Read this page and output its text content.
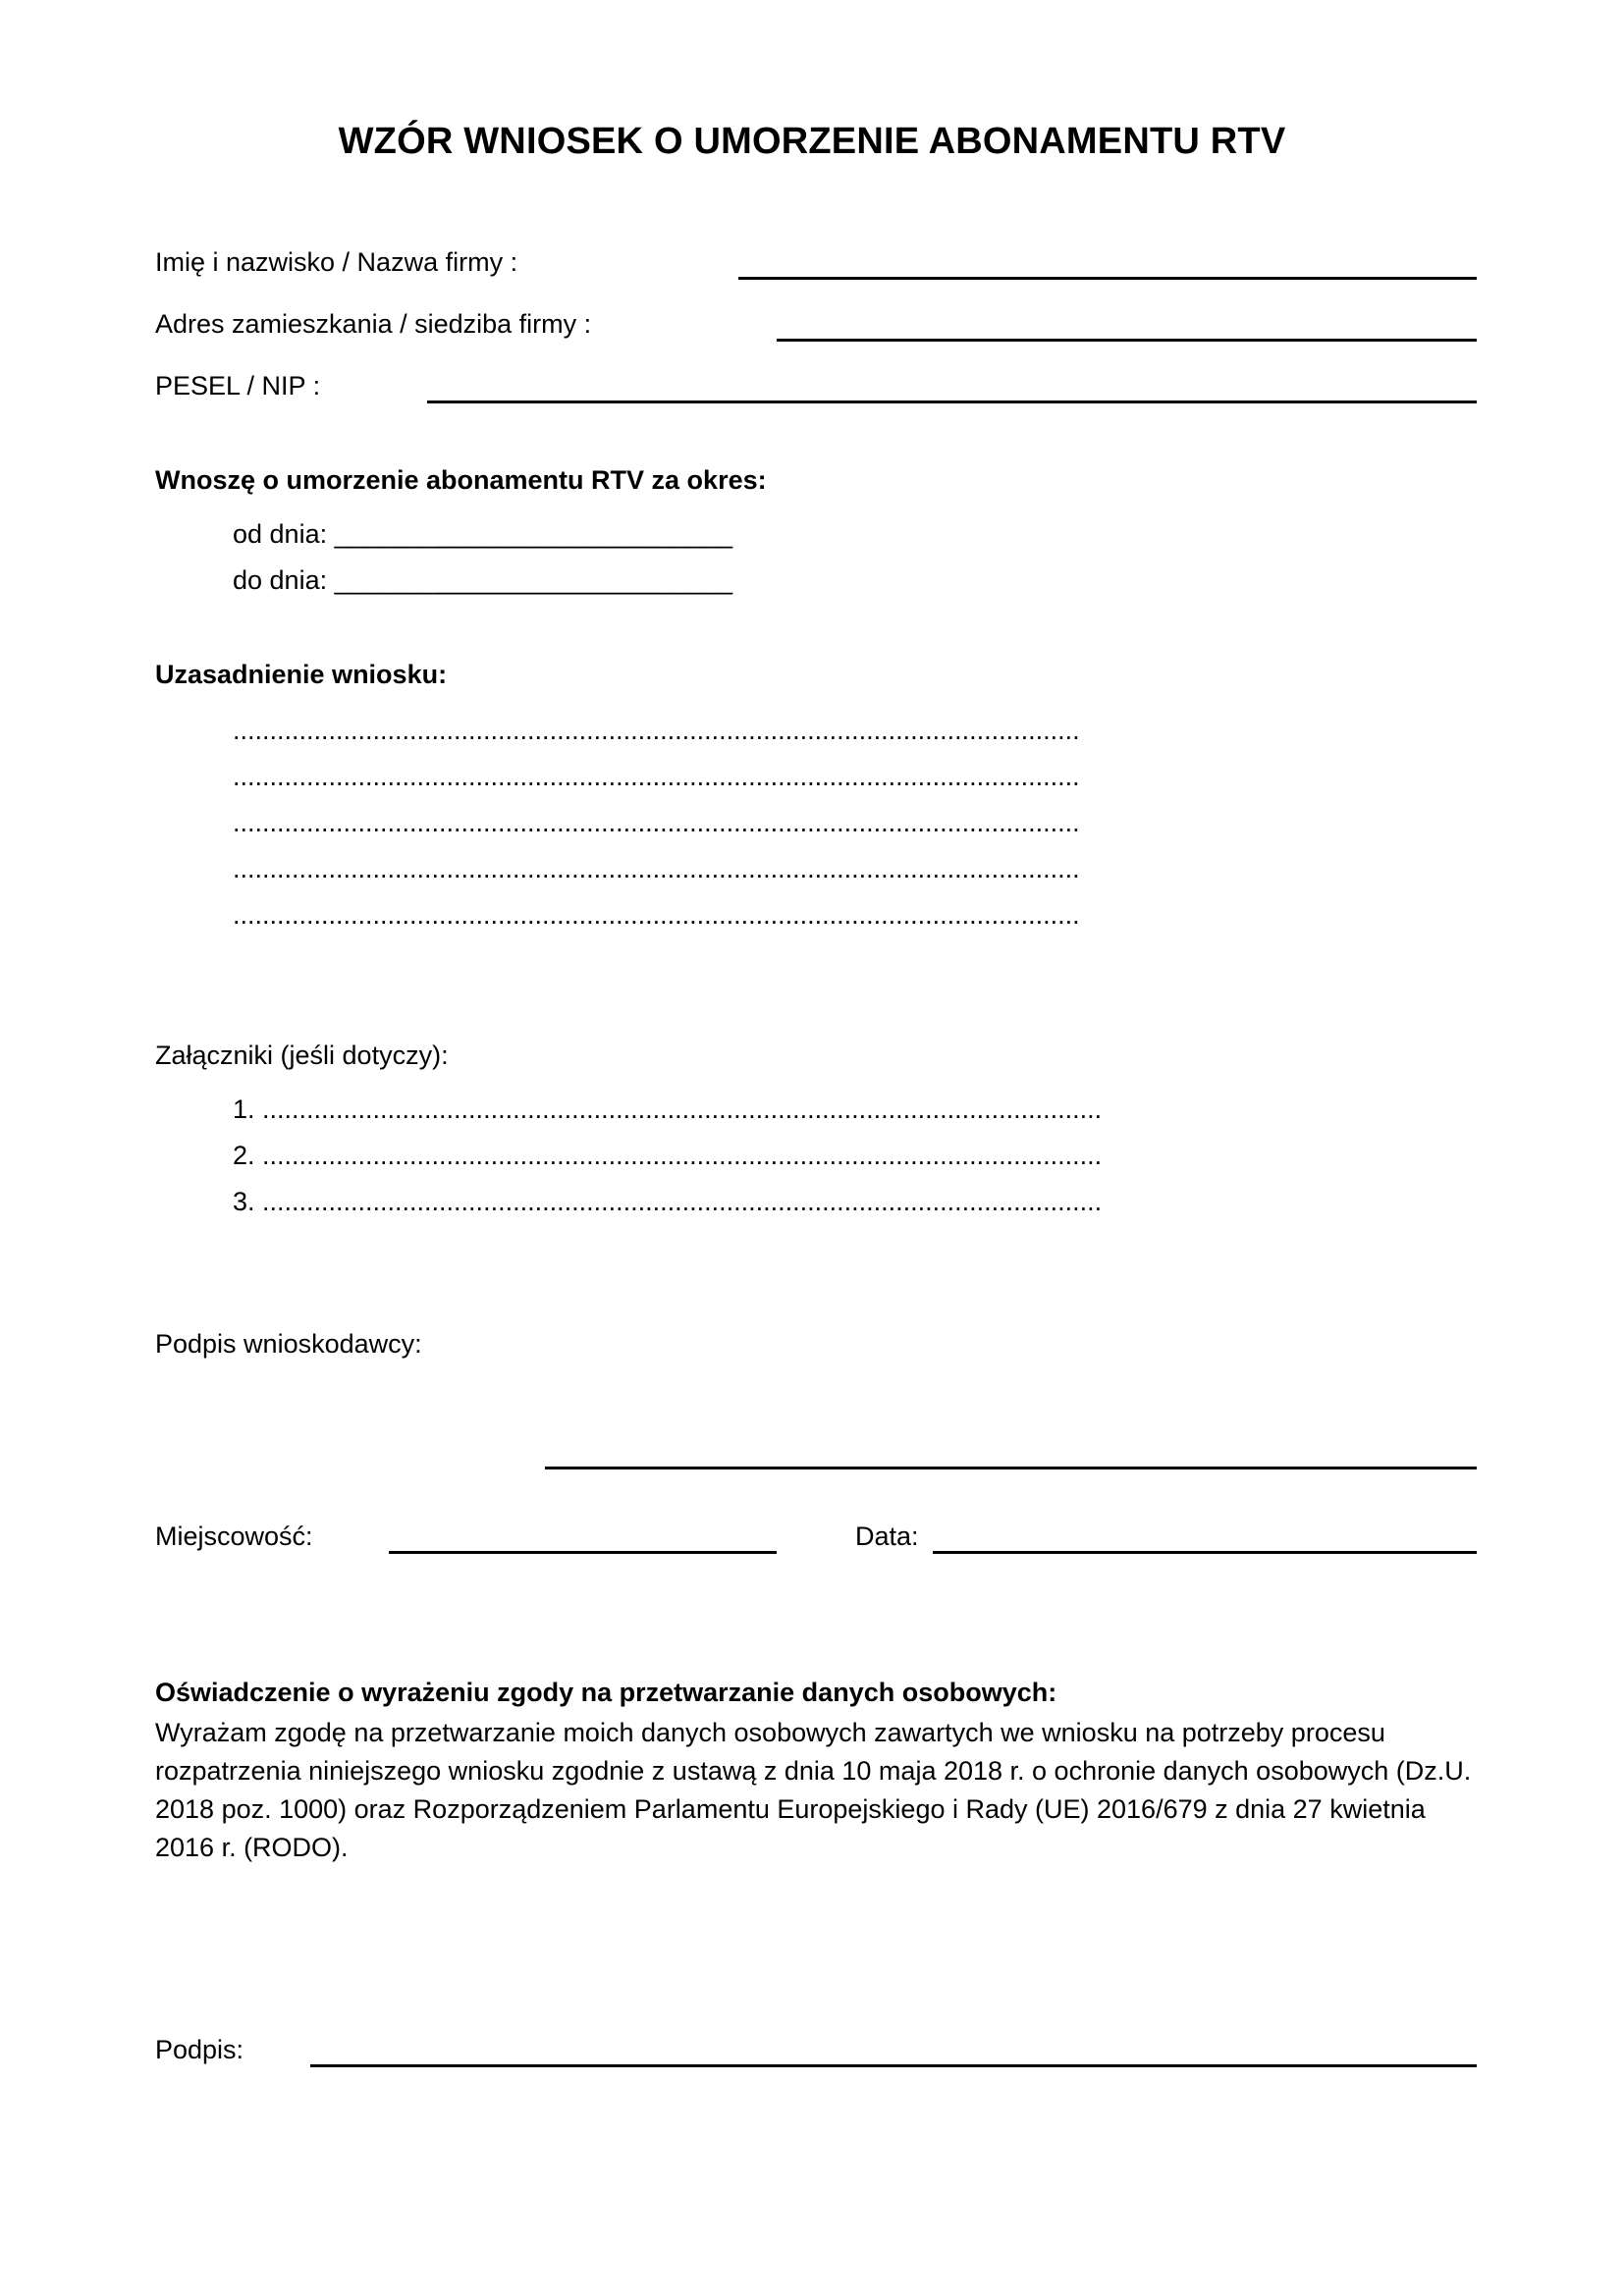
WZÓR WNIOSEK O UMORZENIE ABONAMENTU RTV
Imię i nazwisko / Nazwa firmy :
Adres zamieszkania / siedziba firmy :
PESEL / NIP :
Wnoszę o umorzenie abonamentu RTV za okres:
od dnia: ___________________________
do dnia: ___________________________
Uzasadnienie wniosku:
...................................................................................................................
...................................................................................................................
...................................................................................................................
...................................................................................................................
...................................................................................................................
Załączniki (jeśli dotyczy):
1. ..................................................................................................................
2. ..................................................................................................................
3. ..................................................................................................................
Podpis wnioskodawcy:
Miejscowość:	Data:
Oświadczenie o wyrażeniu zgody na przetwarzanie danych osobowych:
Wyrażam zgodę na przetwarzanie moich danych osobowych zawartych we wniosku na potrzeby procesu rozpatrzenia niniejszego wniosku zgodnie z ustawą z dnia 10 maja 2018 r. o ochronie danych osobowych (Dz.U. 2018 poz. 1000) oraz Rozporządzeniem Parlamentu Europejskiego i Rady (UE) 2016/679 z dnia 27 kwietnia 2016 r. (RODO).
Podpis:
